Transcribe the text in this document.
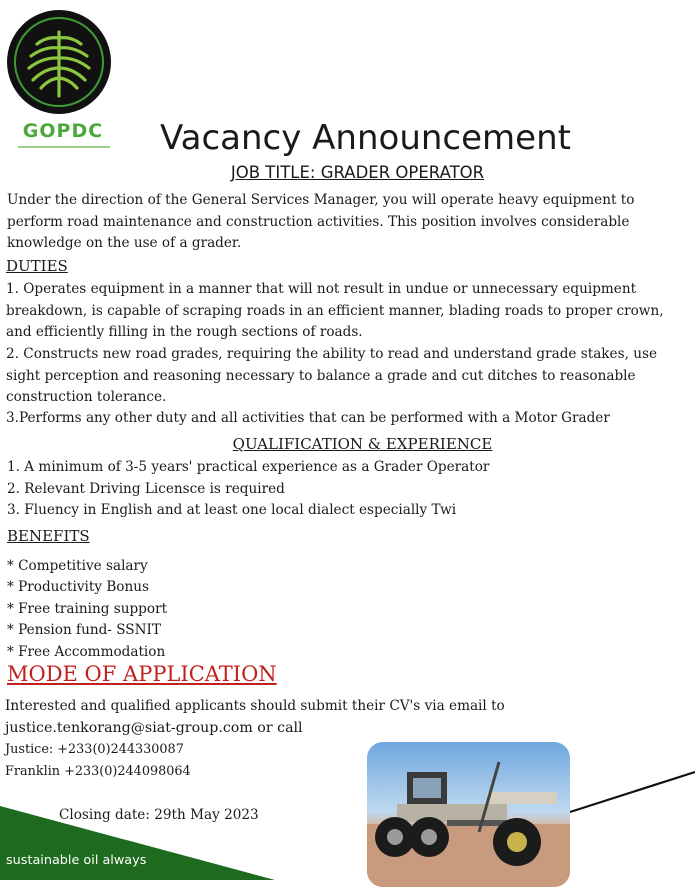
GOPDC	Vacancy Announcement
JOB TITLE: GRADER OPERATOR

Under the direction of the General Services Manager, you will operate heavy equipment to perform road maintenance and construction activities. This position involves considerable knowledge on the use of a grader.

DUTIES

1. Operates equipment in a manner that will not result in undue or unnecessary equipment breakdown, is capable of scraping roads in an efficient manner, blading roads to proper crown, and efficiently filling in the rough sections of roads.

2. Constructs new road grades, requiring the ability to read and understand grade stakes, use sight perception and reasoning necessary to balance a grade and cut ditches to reasonable construction tolerance.

3.Performs any other duty and all activities that can be performed with a Motor Grader

QUALIFICATION & EXPERIENCE
1. A minimum of 3-5 years' practical experience as a Grader Operator
2. Relevant Driving Licensce is required
3. Fluency in English and at least one local dialect especially Twi
BENEFITS
* Competitive salary
* Productivity Bonus
* Free training support
* Pension fund- SSNIT
* Free Accommodation
MODE OF APPLICATION
Interested and qualified applicants should submit their CV's via email to
justice.tenkorang@siat-group.com or call
Justice: +233(0)244330087
Franklin +233(0)244098064
Closing date: 29th May 2023
sustainable oil always
